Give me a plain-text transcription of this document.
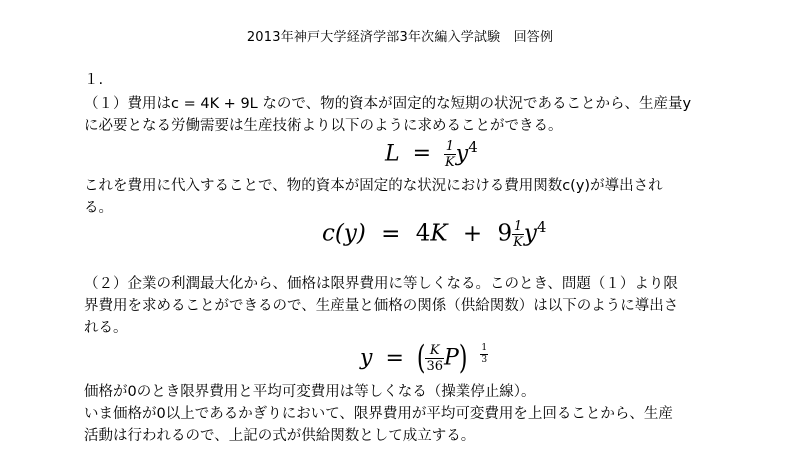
2013年神戸大学経済学部3年次編入学試験　回答例
１.
（１）費用はc = 4K + 9L なので、物的資本が固定的な短期の状況であることから、生産量y
に必要となる労働需要は生産技術より以下のように求めることができる。
$L = \frac{1}{K} y^4$
これを費用に代入することで、物的資本が固定的な状況における費用関数c(y)が導出され
る。
$c(y) = 4K + 9 \frac{1}{K} y^4$
（２）企業の利潤最大化から、価格は限界費用に等しくなる。このとき、問題（１）より限
界費用を求めることができるので、生産量と価格の関係（供給関数）は以下のように導出さ
れる。
y = ( $\frac{K}{36} P) \frac{1}{3}$
価格が0のとき限界費用と平均可変費用は等しくなる（操業停止線）。
いま価格が0以上であるかぎりにおいて、限界費用が平均可変費用を上回ることから、生産
活動は行われるので、上記の式が供給関数として成立する。
